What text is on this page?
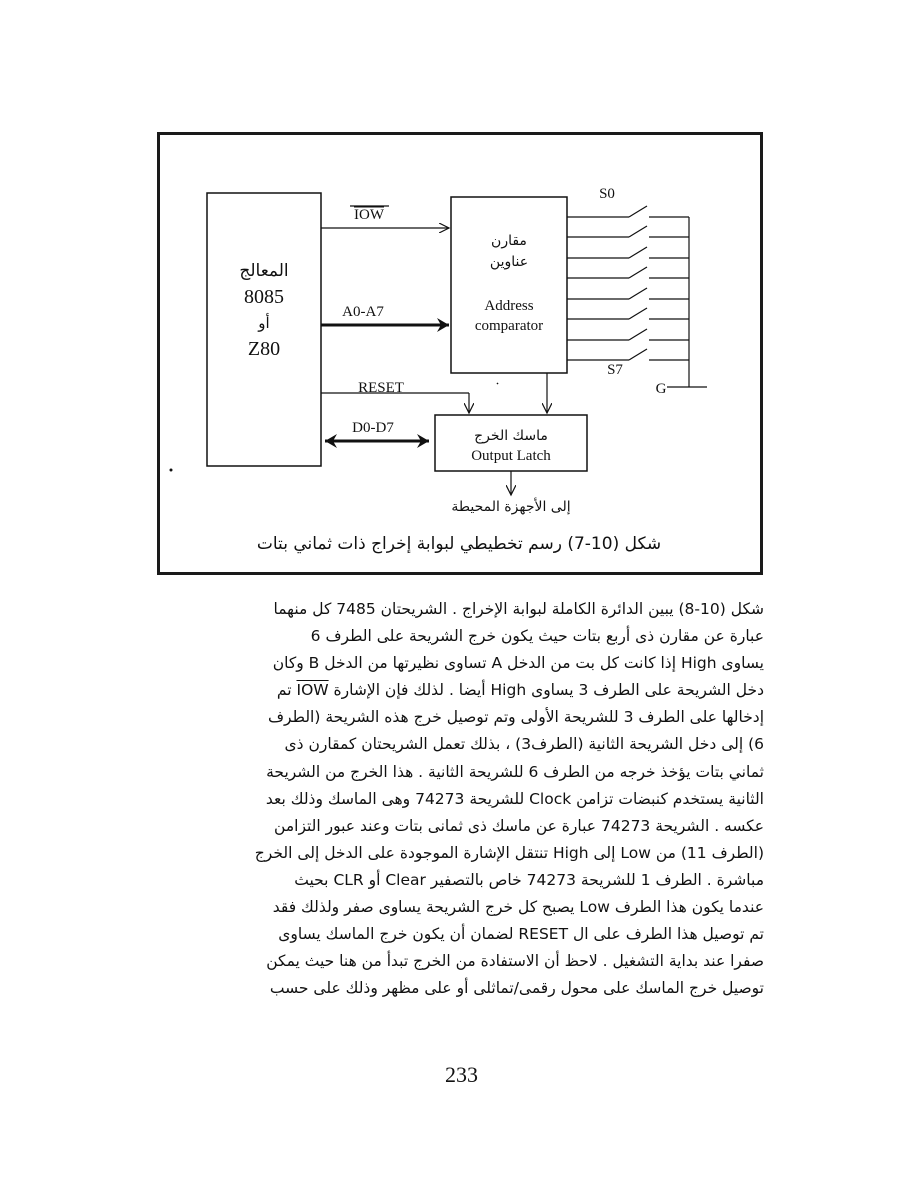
المعالج
8085
أو
Z80
مقارن
عناوين
Address
comparator
ماسك الخرج
Output Latch
IOW
A0-A7
RESET
D0-D7
إلى الأجهزة المحيطة
S0
S7
G
شكل (10-7) رسم تخطيطي لبوابة إخراج ذات ثماني بتات
شكل (10-8) يبين الدائرة الكاملة لبوابة الإخراج . الشريحتان 7485 كل منهما
عبارة عن مقارن ذى أربع بتات حيث يكون خرج الشريحة على الطرف 6
يساوى High إذا كانت كل بت من الدخل A تساوى نظيرتها من الدخل B وكان
دخل الشريحة على الطرف 3 يساوى High أيضا . لذلك فإن الإشارة IOW تم
إدخالها على الطرف 3 للشريحة الأولى وتم توصيل خرج هذه الشريحة (الطرف
6) إلى دخل الشريحة الثانية (الطرف3) ، بذلك تعمل الشريحتان كمقارن ذى
ثماني بتات يؤخذ خرجه من الطرف 6 للشريحة الثانية . هذا الخرج من الشريحة
الثانية يستخدم كنبضات تزامن Clock للشريحة 74273 وهى الماسك وذلك بعد
عكسه . الشريحة 74273 عبارة عن ماسك ذى ثمانى بتات وعند عبور التزامن
(الطرف 11) من Low إلى High تنتقل الإشارة الموجودة على الدخل إلى الخرج
مباشرة . الطرف 1 للشريحة 74273 خاص بالتصفير Clear أو CLR بحيث
عندما يكون هذا الطرف Low يصبح كل خرج الشريحة يساوى صفر ولذلك فقد
تم توصيل هذا الطرف على ال RESET لضمان أن يكون خرج الماسك يساوى
صفرا عند بداية التشغيل . لاحظ أن الاستفادة من الخرج تبدأ من هنا حيث يمكن
توصيل خرج الماسك على محول رقمى/تماثلى أو على مظهر وذلك على حسب
233
